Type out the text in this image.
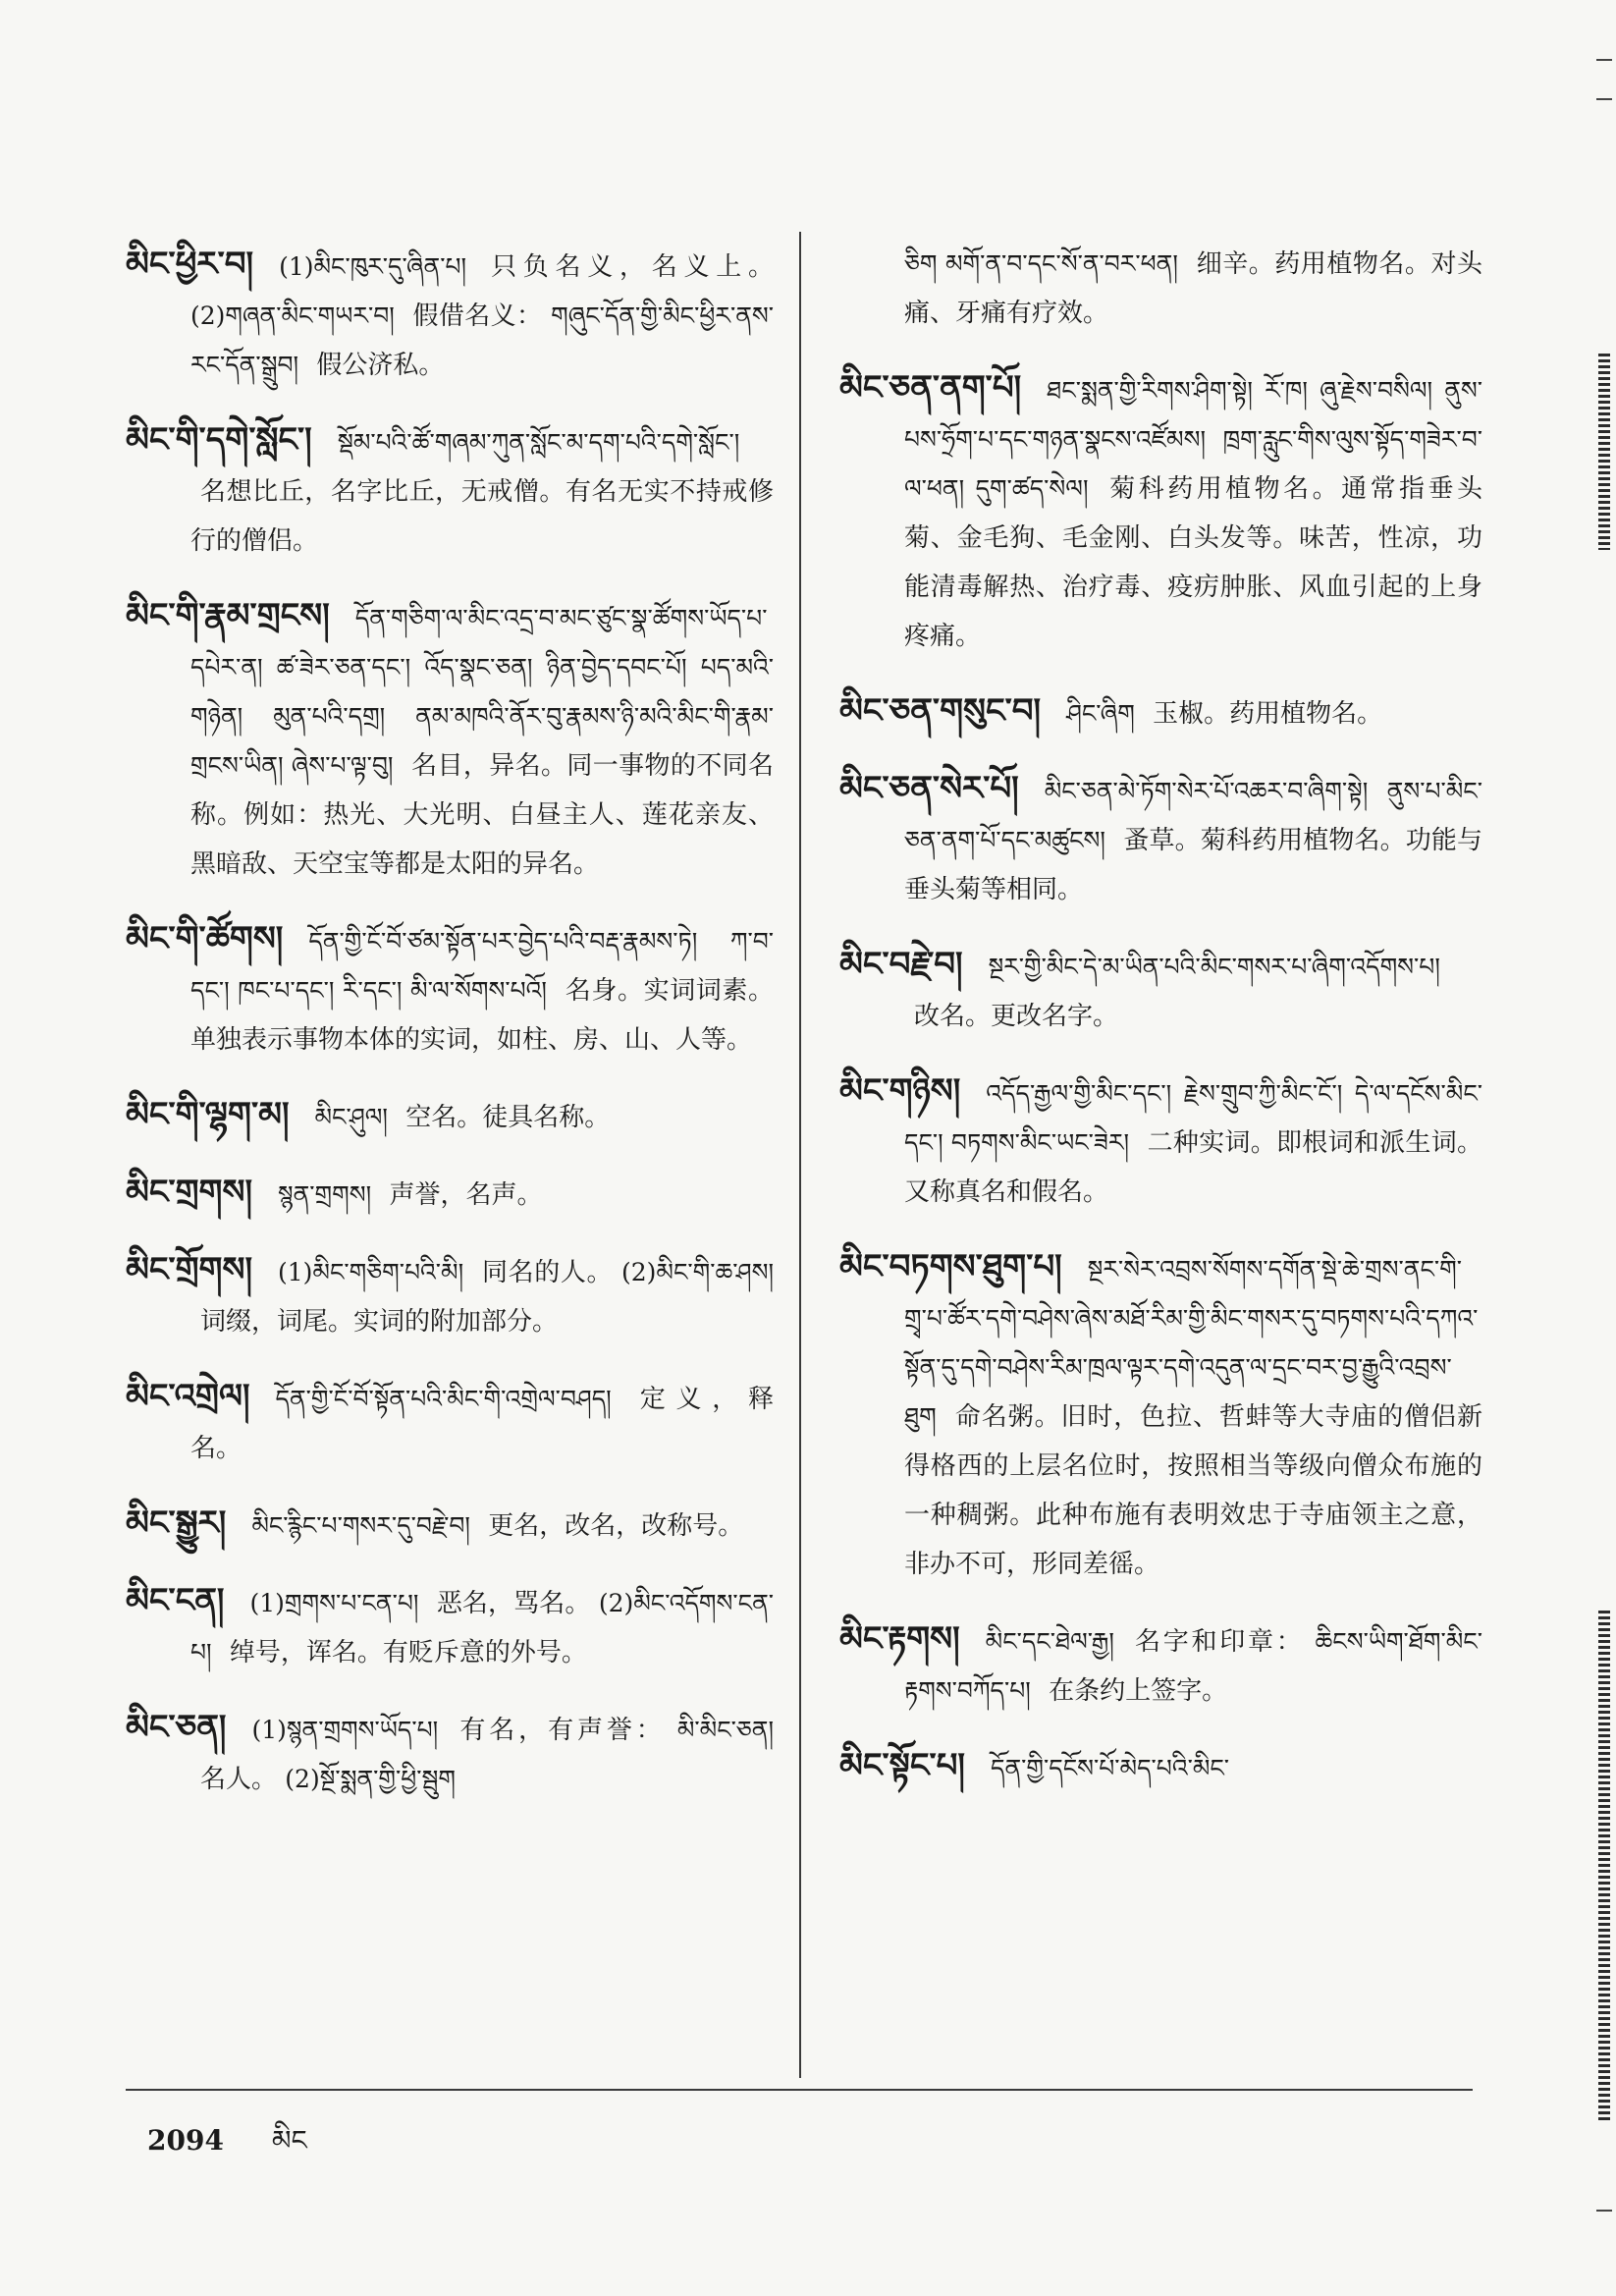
མིང་ཕྱིར་བ། (1)མིང་ཁུར་དུ་ཞིན་པ། 只负名义，名义上。 (2)གཞན་མིང་གཡར་བ། 假借名义： གཞུང་དོན་གྱི་མིང་ཕྱིར་ནས་རང་དོན་སྒྲུབ། 假公济私。

མིང་གི་དགེ་སློང་། སྡོམ་པའི་ཚོ་གཞམ་ཀུན་སློང་མ་དག་པའི་དགེ་སློང་། 名想比丘，名字比丘，无戒僧。有名无实不持戒修行的僧侣。

མིང་གི་རྣམ་གྲངས། དོན་གཅིག་ལ་མིང་འདྲ་བ་མང་ཙུང་སྣ་ཚོགས་ཡོད་པ་དཔེར་ན། ཚ་ཟེར་ཅན་དང་། འོད་སྣང་ཅན། ཉིན་བྱེད་དབང་པོ། པད་མའི་གཉེན། མུན་པའི་དགྲ། ནམ་མཁའི་ནོར་བུ་རྣམས་ཉི་མའི་མིང་གི་རྣམ་གྲངས་ཡིན། ཞེས་པ་ལྟ་བུ། 名目，异名。同一事物的不同名称。例如：热光、大光明、白昼主人、莲花亲友、黑暗敌、天空宝等都是太阳的异名。

མིང་གི་ཚོགས། དོན་གྱི་ངོ་བོ་ཙམ་སྟོན་པར་བྱེད་པའི་བརྡ་རྣམས་ཏེ། ཀ་བ་དང་། ཁང་པ་དང་། རི་དང་། མི་ལ་སོགས་པའོ། 名身。实词词素。单独表示事物本体的实词，如柱、房、山、人等。

མིང་གི་ལྷག་མ། མིང་ཤུལ། 空名。徒具名称。

མིང་གྲགས། སྙན་གྲགས། 声誉，名声。

མིང་གྲོགས། (1)མིང་གཅིག་པའི་མི། 同名的人。 (2)མིང་གི་ཆ་ཤས། 词缀，词尾。实词的附加部分。

མིང་འགྲེལ། དོན་གྱི་ངོ་བོ་སྟོན་པའི་མིང་གི་འགྲེལ་བཤད། 定义，释名。

མིང་སྒྱུར། མིང་རྙིང་པ་གསར་དུ་བརྗེ་བ། 更名，改名，改称号。

མིང་ངན། (1)གྲགས་པ་ངན་པ། 恶名，骂名。 (2)མིང་འདོགས་ངན་པ། 绰号，诨名。有贬斥意的外号。

མིང་ཅན། (1)སྙན་གྲགས་ཡོད་པ། 有名，有声誉： མི་མིང་ཅན། 名人。 (2)སྔོ་སྨན་གྱི་ཕྱི་སྦུག

ཅིག མགོ་ན་བ་དང་སོ་ན་བར་ཕན། 细辛。药用植物名。对头痛、牙痛有疗效。

མིང་ཅན་ནག་པོ། ཐང་སྨན་གྱི་རིགས་ཤིག་སྟེ། རོ་ཁ། ཞུ་རྗེས་བསིལ། ནུས་པས་ཧྲོག་པ་དང་གཉན་སྣངས་འཛོམས། ཁྲག་རླུང་གིས་ལུས་སྟོད་གཟེར་བ་ལ་ཕན། དུག་ཚད་སེལ། 菊科药用植物名。通常指垂头菊、金毛狗、毛金刚、白头发等。味苦，性凉，功能清毒解热、治疗毒、疫疠肿胀、风血引起的上身疼痛。

མིང་ཅན་གསུང་བ། ཤིང་ཞིག 玉椒。药用植物名。

མིང་ཅན་སེར་པོ། མིང་ཅན་མེ་ཏོག་སེར་པོ་འཆར་བ་ཞིག་སྟེ། ནུས་པ་མིང་ཅན་ནག་པོ་དང་མཚུངས། 蚤草。菊科药用植物名。功能与垂头菊等相同。

མིང་བརྗེ་བ། སྔར་གྱི་མིང་དེ་མ་ཡིན་པའི་མིང་གསར་པ་ཞིག་འདོགས་པ། 改名。更改名字。

མིང་གཉིས། འདོད་རྒྱལ་གྱི་མིང་དང་། རྗེས་གྲུབ་ཀྱི་མིང་ངོ་། དེ་ལ་དངོས་མིང་དང་། བཏགས་མིང་ཡང་ཟེར། 二种实词。即根词和派生词。又称真名和假名。

མིང་བཏགས་ཐུག་པ། སྔར་སེར་འབྲས་སོགས་དགོན་སྡེ་ཆེ་གྲས་ནང་གི་གྲྭ་པ་ཚོར་དགེ་བཤེས་ཞེས་མཐོ་རིམ་གྱི་མིང་གསར་དུ་བཏགས་པའི་དཀའ་སྟོན་དུ་དགེ་བཤེས་རིམ་ཁྲལ་ལྟར་དགེ་འདུན་ལ་དྲང་བར་བྱ་རྒྱུའི་འབྲས་ཐུག 命名粥。旧时，色拉、哲蚌等大寺庙的僧侣新得格西的上层名位时，按照相当等级向僧众布施的一种稠粥。此种布施有表明效忠于寺庙领主之意，非办不可，形同差徭。

མིང་རྟགས། མིང་དང་ཐེལ་རྒྱ། 名字和印章： ཆིངས་ཡིག་ཐོག་མིང་རྟགས་བཀོད་པ། 在条约上签字。

མིང་སྟོང་པ། དོན་གྱི་དངོས་པོ་མེད་པའི་མིང་

2094 མིང
